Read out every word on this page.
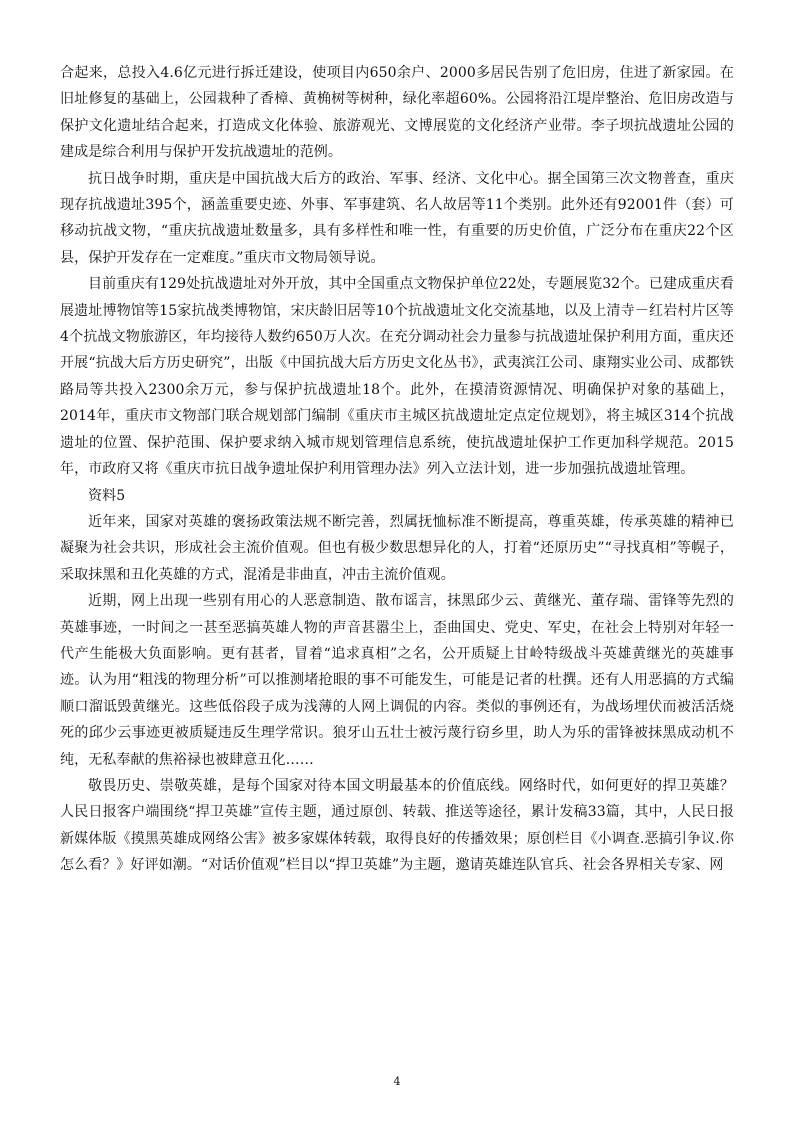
合起来，总投入4.6亿元进行拆迁建设，使项目内650余户、2000多居民告别了危旧房，住进了新家园。在旧址修复的基础上，公园栽种了香樟、黄桷树等树种，绿化率超60%。公园将沿江堤岸整治、危旧房改造与保护文化遗址结合起来，打造成文化体验、旅游观光、文博展览的文化经济产业带。李子坝抗战遗址公园的建成是综合利用与保护开发抗战遗址的范例。

抗日战争时期，重庆是中国抗战大后方的政治、军事、经济、文化中心。据全国第三次文物普查，重庆现存抗战遗址395个，涵盖重要史迹、外事、军事建筑、名人故居等11个类别。此外还有92001件（套）可移动抗战文物，“重庆抗战遗址数量多，具有多样性和唯一性，有重要的历史价值，广泛分布在重庆22个区县，保护开发存在一定难度。”重庆市文物局领导说。

目前重庆有129处抗战遗址对外开放，其中全国重点文物保护单位22处，专题展览32个。已建成重庆看展遗址博物馆等15家抗战类博物馆，宋庆龄旧居等10个抗战遗址文化交流基地，以及上清寺－红岩村片区等4个抗战文物旅游区，年均接待人数约650万人次。在充分调动社会力量参与抗战遗址保护利用方面，重庆还开展“抗战大后方历史研究”，出版《中国抗战大后方历史文化丛书》，武夷滨江公司、康翔实业公司、成都铁路局等共投入2300余万元，参与保护抗战遗址18个。此外，在摸清资源情况、明确保护对象的基础上，2014年，重庆市文物部门联合规划部门编制《重庆市主城区抗战遗址定点定位规划》，将主城区314个抗战遗址的位置、保护范围、保护要求纳入城市规划管理信息系统，使抗战遗址保护工作更加科学规范。2015年，市政府又将《重庆市抗日战争遗址保护利用管理办法》列入立法计划，进一步加强抗战遗址管理。

资料5

近年来，国家对英雄的褒扬政策法规不断完善，烈属抚恤标准不断提高，尊重英雄，传承英雄的精神已凝聚为社会共识，形成社会主流价值观。但也有极少数思想异化的人，打着“还原历史”“寻找真相”等幌子，采取抹黑和丑化英雄的方式，混淆是非曲直，冲击主流价值观。

近期，网上出现一些别有用心的人恶意制造、散布谣言，抹黑邱少云、黄继光、董存瑞、雷锋等先烈的英雄事迹，一时间之一甚至恶搞英雄人物的声音甚嚣尘上，歪曲国史、党史、军史，在社会上特别对年轻一代产生能极大负面影响。更有甚者，冒着“追求真相”之名，公开质疑上甘岭特级战斗英雄黄继光的英雄事迹。认为用“粗浅的物理分析”可以推测堵抢眼的事不可能发生，可能是记者的杜撰。还有人用恶搞的方式编顺口溜诋毁黄继光。这些低俗段子成为浅薄的人网上调侃的内容。类似的事例还有，为战场埋伏而被活活烧死的邱少云事迹更被质疑违反生理学常识。狼牙山五壮士被污蔑行窃乡里，助人为乐的雷锋被抹黑成动机不纯，无私奉献的焦裕禄也被肆意丑化……

敬畏历史、崇敬英雄，是每个国家对待本国文明最基本的价值底线。网络时代，如何更好的捍卫英雄？人民日报客户端围绕“捍卫英雄”宣传主题，通过原创、转载、推送等途径，累计发稿33篇，其中，人民日报新媒体版《摸黑英雄成网络公害》被多家媒体转载，取得良好的传播效果；原创栏目《小调查.恶搞引争议.你怎么看？》好评如潮。“对话价值观”栏目以“捍卫英雄”为主题，邀请英雄连队官兵、社会各界相关专家、网

4
